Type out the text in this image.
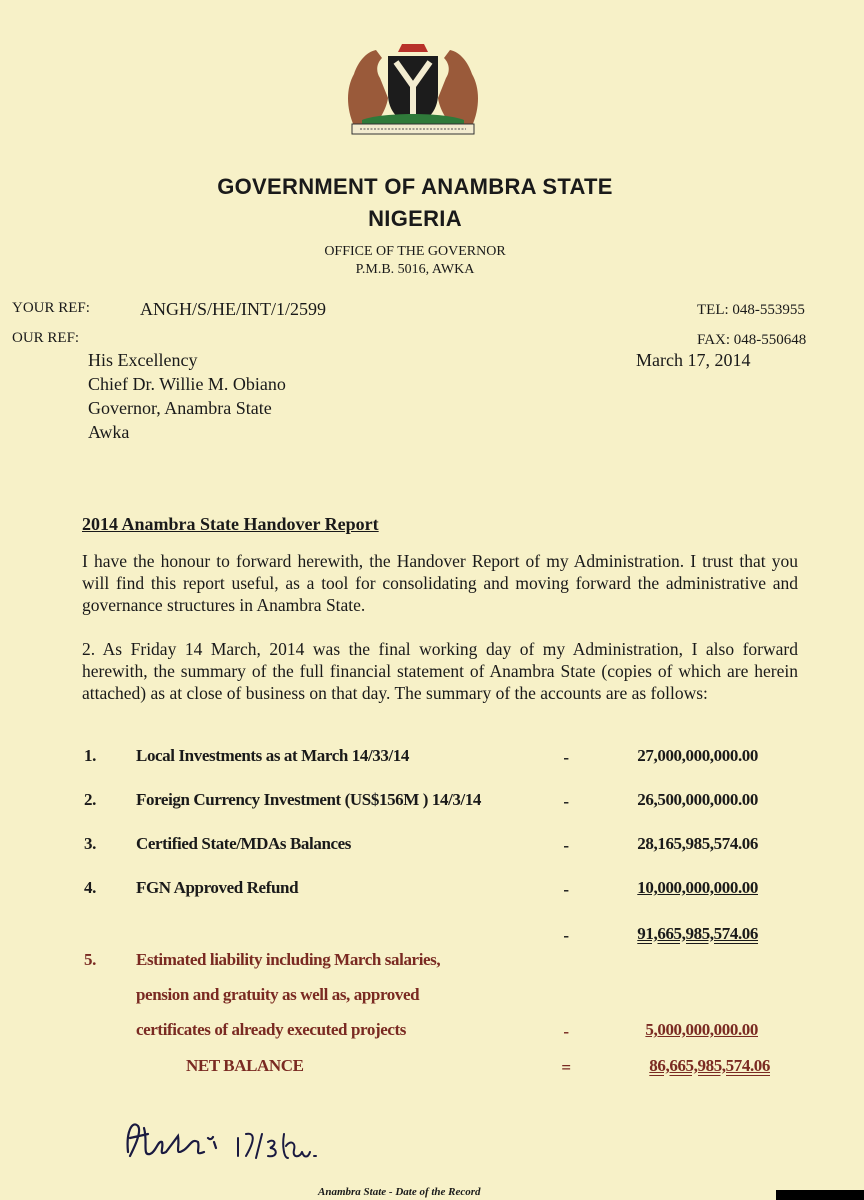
GOVERNMENT OF ANAMBRA STATE
NIGERIA
OFFICE OF THE GOVERNOR
P.M.B. 5016, AWKA
YOUR REF:	ANGH/S/HE/INT/1/2599
OUR REF:
TEL: 048-553955
FAX: 048-550648
March 17, 2014
His Excellency
Chief Dr. Willie M. Obiano
Governor, Anambra State
Awka
2014 Anambra State Handover Report
I have the honour to forward herewith, the Handover Report of my Administration. I trust that you will find this report useful, as a tool for consolidating and moving forward the administrative and governance structures in Anambra State.
2. As Friday 14 March, 2014 was the final working day of my Administration, I also forward herewith, the summary of the full financial statement of Anambra State (copies of which are herein attached) as at close of business on that day. The summary of the accounts are as follows:
1. Local Investments as at March 14/33/14	-	27,000,000,000.00
2. Foreign Currency Investment (US$156M ) 14/3/14	-	26,500,000,000.00
3. Certified State/MDAs Balances	-	28,165,985,574.06
4. FGN Approved Refund	-	10,000,000,000.00
-	91,665,985,574.06
5. Estimated liability including March salaries,
pension and gratuity as well as, approved
certificates of already executed projects	-	5,000,000,000.00
NET BALANCE	=	86,665,985,574.06
Anambra State - Date of the Record
